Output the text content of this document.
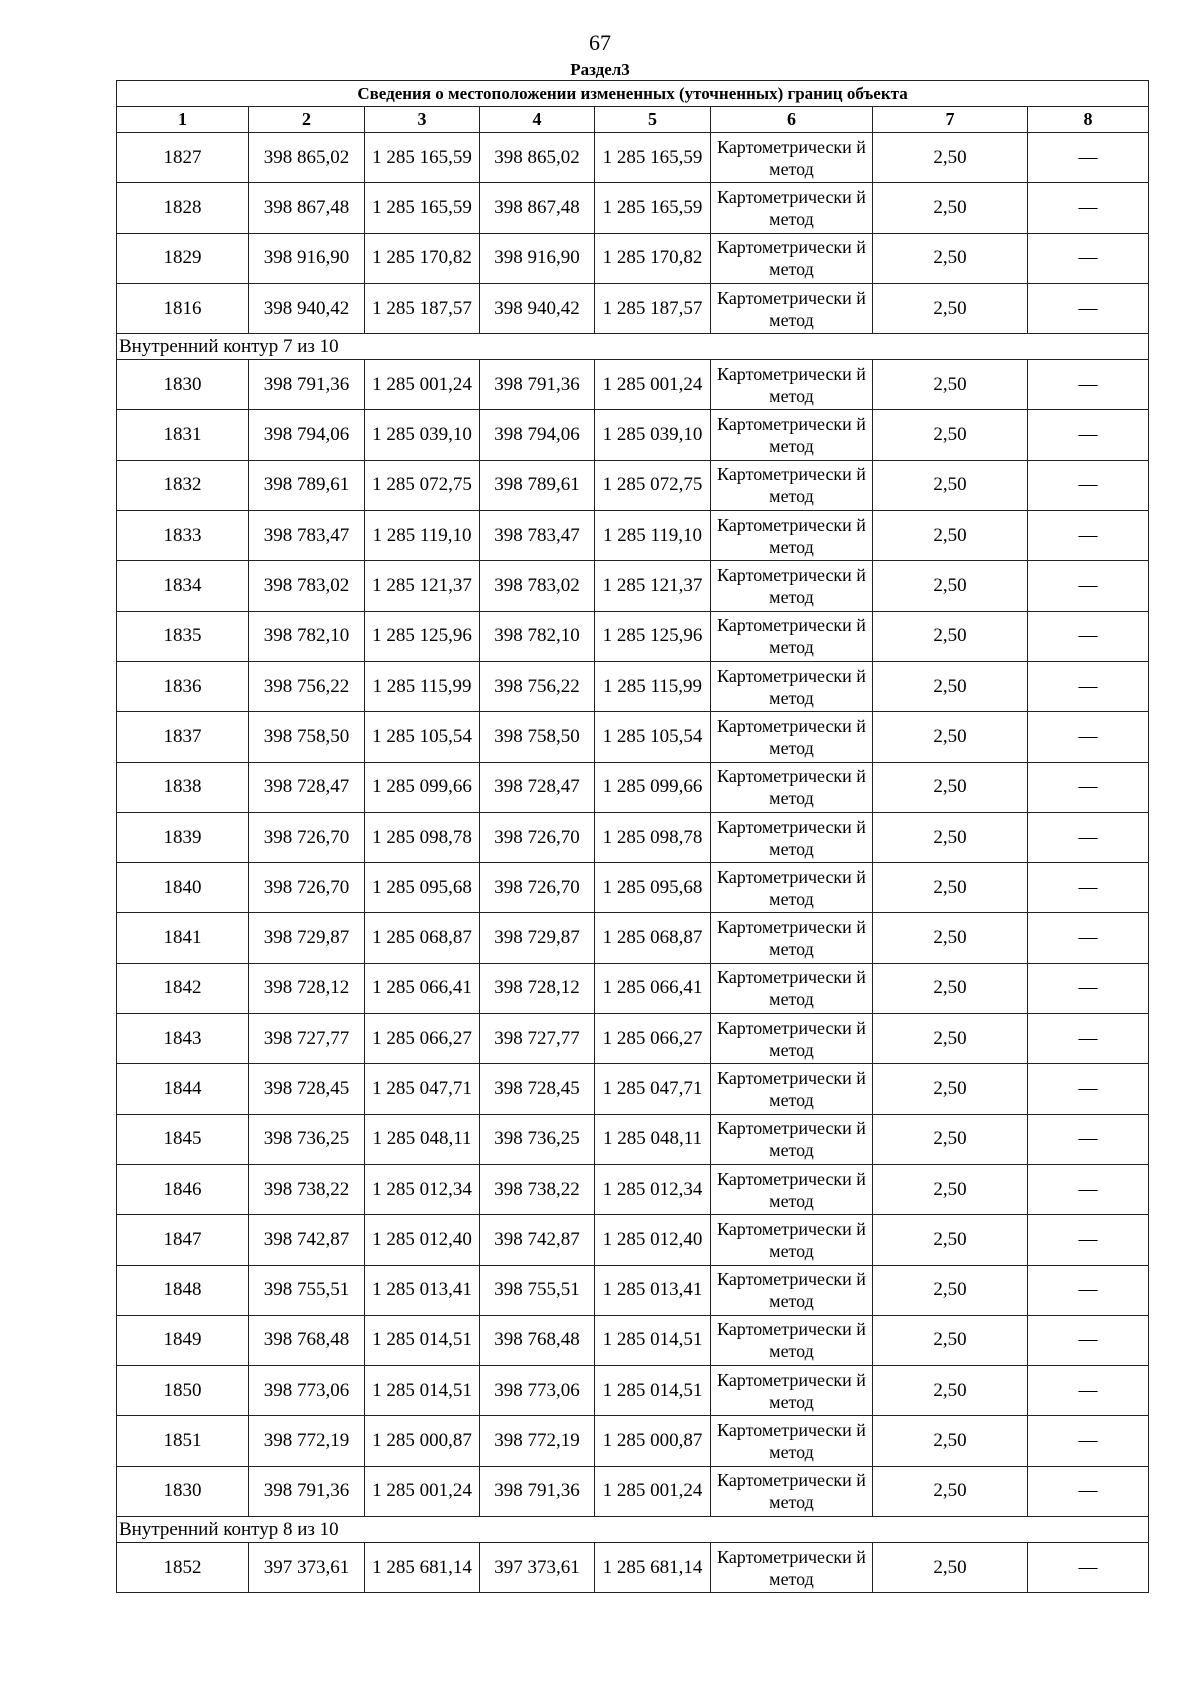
67
Раздел3
Сведения о местоположении измененных (уточненных) границ объекта							
1	2	3	4	5	6	7	8
1827	398 865,02	1 285 165,59	398 865,02	1 285 165,59	Картометрически й метод	2,50	—
1828	398 867,48	1 285 165,59	398 867,48	1 285 165,59	Картометрически й метод	2,50	—
1829	398 916,90	1 285 170,82	398 916,90	1 285 170,82	Картометрически й метод	2,50	—
1816	398 940,42	1 285 187,57	398 940,42	1 285 187,57	Картометрически й метод	2,50	—
Внутренний контур 7 из 10							
1830	398 791,36	1 285 001,24	398 791,36	1 285 001,24	Картометрически й метод	2,50	—
1831	398 794,06	1 285 039,10	398 794,06	1 285 039,10	Картометрически й метод	2,50	—
1832	398 789,61	1 285 072,75	398 789,61	1 285 072,75	Картометрически й метод	2,50	—
1833	398 783,47	1 285 119,10	398 783,47	1 285 119,10	Картометрически й метод	2,50	—
1834	398 783,02	1 285 121,37	398 783,02	1 285 121,37	Картометрически й метод	2,50	—
1835	398 782,10	1 285 125,96	398 782,10	1 285 125,96	Картометрически й метод	2,50	—
1836	398 756,22	1 285 115,99	398 756,22	1 285 115,99	Картометрически й метод	2,50	—
1837	398 758,50	1 285 105,54	398 758,50	1 285 105,54	Картометрически й метод	2,50	—
1838	398 728,47	1 285 099,66	398 728,47	1 285 099,66	Картометрически й метод	2,50	—
1839	398 726,70	1 285 098,78	398 726,70	1 285 098,78	Картометрически й метод	2,50	—
1840	398 726,70	1 285 095,68	398 726,70	1 285 095,68	Картометрически й метод	2,50	—
1841	398 729,87	1 285 068,87	398 729,87	1 285 068,87	Картометрически й метод	2,50	—
1842	398 728,12	1 285 066,41	398 728,12	1 285 066,41	Картометрически й метод	2,50	—
1843	398 727,77	1 285 066,27	398 727,77	1 285 066,27	Картометрически й метод	2,50	—
1844	398 728,45	1 285 047,71	398 728,45	1 285 047,71	Картометрически й метод	2,50	—
1845	398 736,25	1 285 048,11	398 736,25	1 285 048,11	Картометрически й метод	2,50	—
1846	398 738,22	1 285 012,34	398 738,22	1 285 012,34	Картометрически й метод	2,50	—
1847	398 742,87	1 285 012,40	398 742,87	1 285 012,40	Картометрически й метод	2,50	—
1848	398 755,51	1 285 013,41	398 755,51	1 285 013,41	Картометрически й метод	2,50	—
1849	398 768,48	1 285 014,51	398 768,48	1 285 014,51	Картометрически й метод	2,50	—
1850	398 773,06	1 285 014,51	398 773,06	1 285 014,51	Картометрически й метод	2,50	—
1851	398 772,19	1 285 000,87	398 772,19	1 285 000,87	Картометрически й метод	2,50	—
1830	398 791,36	1 285 001,24	398 791,36	1 285 001,24	Картометрически й метод	2,50	—
Внутренний контур 8 из 10							
1852	397 373,61	1 285 681,14	397 373,61	1 285 681,14	Картометрически й метод	2,50	—
